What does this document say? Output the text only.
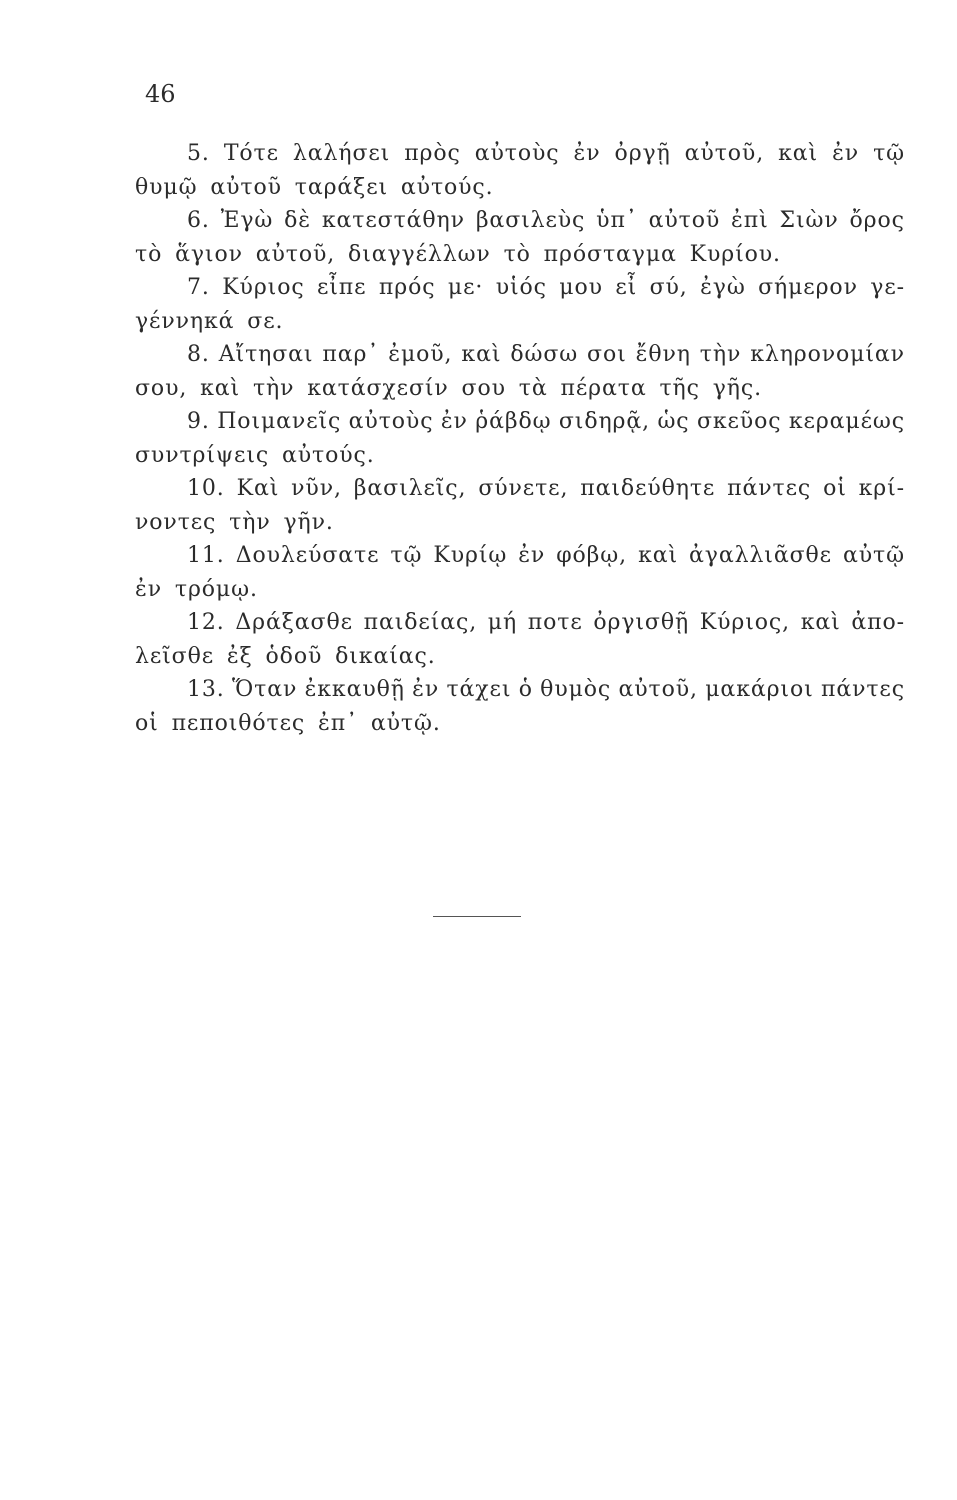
46
5. Τότε λαλήσει πρὸς αὐτοὺς ἐν ὀργῇ αὐτοῦ, καὶ ἐν τῷ
θυμῷ αὐτοῦ ταράξει αὐτούς.
6. Ἐγὼ δὲ κατεστάθην βασιλεὺς ὑπ᾽ αὐτοῦ ἐπὶ Σιὼν ὄρος
τὸ ἅγιον αὐτοῦ, διαγγέλλων τὸ πρόσταγμα Κυρίου.
7. Κύριος εἶπε πρός με· υἱός μου εἶ σύ, ἐγὼ σήμερον γε-
γέννηκά σε.
8. Αἴτησαι παρ᾽ ἐμοῦ, καὶ δώσω σοι ἔθνη τὴν κληρονομίαν
σου, καὶ τὴν κατάσχεσίν σου τὰ πέρατα τῆς γῆς.
9. Ποιμανεῖς αὐτοὺς ἐν ῥάβδῳ σιδηρᾷ, ὡς σκεῦος κεραμέως
συντρίψεις αὐτούς.
10. Καὶ νῦν, βασιλεῖς, σύνετε, παιδεύθητε πάντες οἱ κρί-
νοντες τὴν γῆν.
11. Δουλεύσατε τῷ Κυρίῳ ἐν φόβῳ, καὶ ἀγαλλιᾶσθε αὐτῷ
ἐν τρόμῳ.
12. Δράξασθε παιδείας, μή ποτε ὀργισθῇ Κύριος, καὶ ἀπο-
λεῖσθε ἐξ ὁδοῦ δικαίας.
13. Ὅταν ἐκκαυθῇ ἐν τάχει ὁ θυμὸς αὐτοῦ, μακάριοι πάντες
οἱ πεποιθότες ἐπ᾽ αὐτῷ.
